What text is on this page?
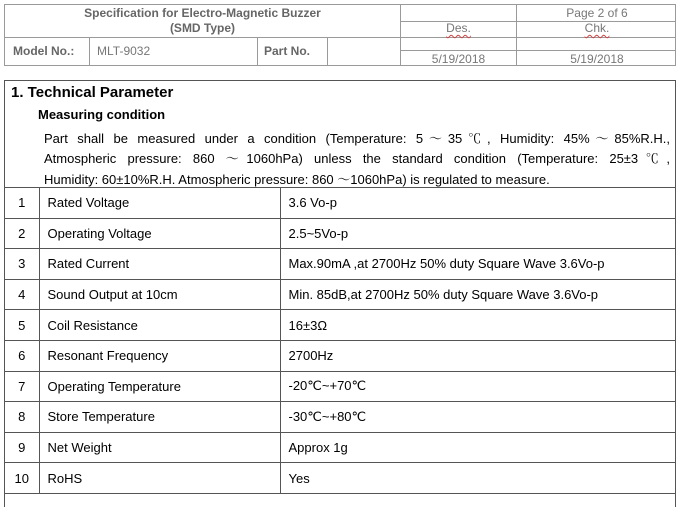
Specification for Electro-Magnetic Buzzer
(SMD Type)
Page 2 of 6
Des.	Chk.
Model No.: MLT-9032	Part No.
5/19/2018	5/19/2018
1. Technical Parameter
Measuring condition
Part shall be measured under a condition (Temperature: 5～35℃, Humidity: 45%～85%R.H.,
Atmospheric pressure: 860 ～1060hPa) unless the standard condition (Temperature: 25±3℃,
Humidity: 60±10%R.H. Atmospheric pressure: 860 ～1060hPa) is regulated to measure.
1	Rated Voltage	3.6 Vo-p
2	Operating Voltage	2.5~5Vo-p
3	Rated Current	Max.90mA ,at 2700Hz 50% duty Square Wave 3.6Vo-p
4	Sound Output at 10cm	Min. 85dB,at 2700Hz 50% duty Square Wave 3.6Vo-p
5	Coil Resistance	16±3Ω
6	Resonant Frequency	2700Hz
7	Operating Temperature	-20℃~+70℃
8	Store Temperature	-30℃~+80℃
9	Net Weight	Approx 1g
10	RoHS	Yes
